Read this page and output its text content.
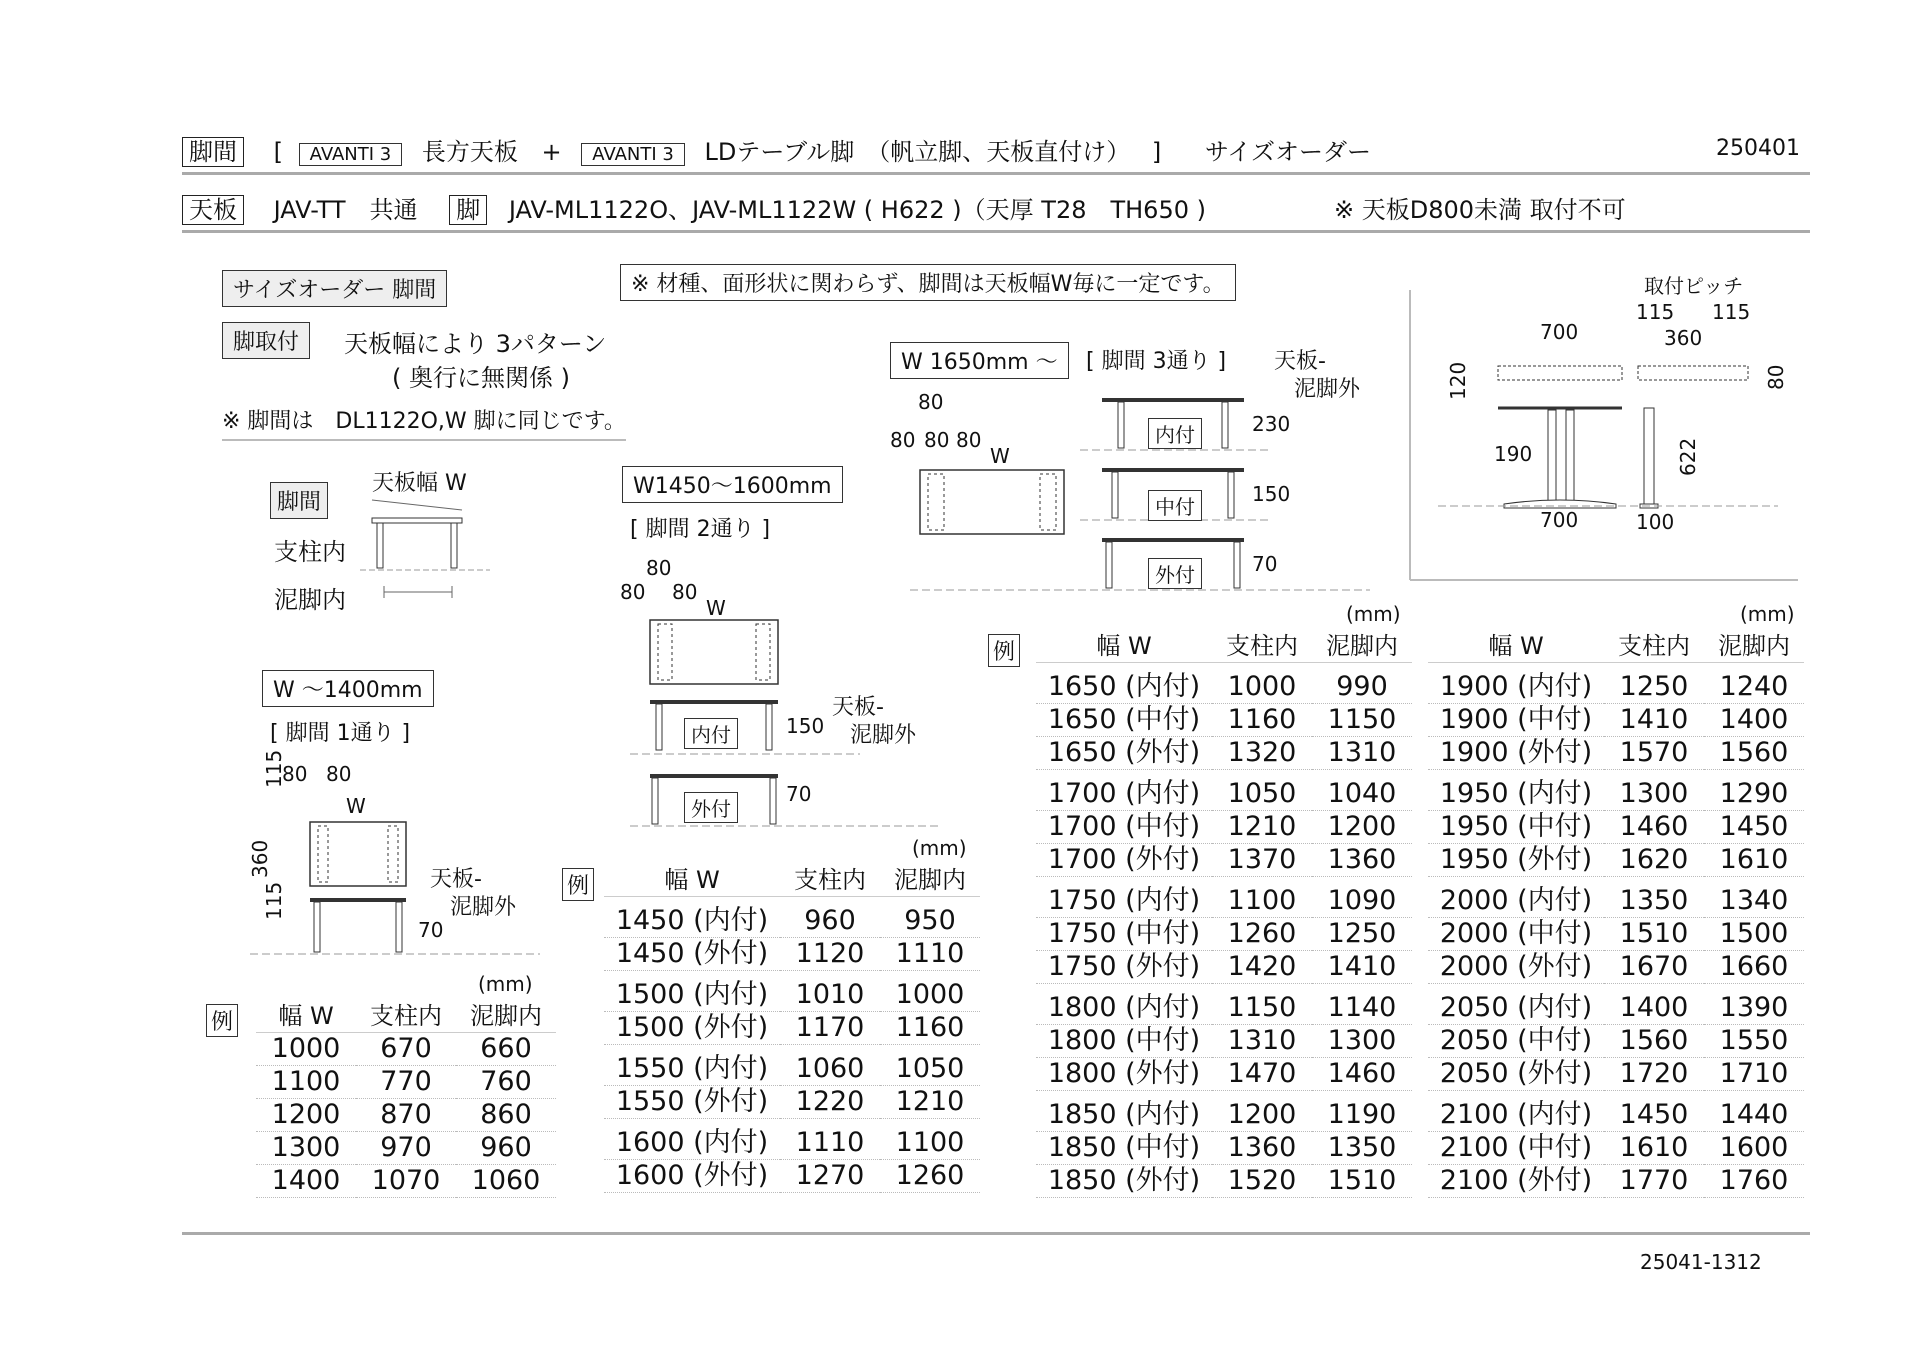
脚間 [ AVANTI 3 長方天板 + AVANTI 3 LDテーブル脚　（帆立脚、天板直付け） ] サイズオーダー	250401
天板 JAV-TT　共通 脚 JAV-ML1122O、JAV-ML1122W ( H622 )（天厚 T28　TH650 )	※ 天板D800未満 取付不可
サイズオーダー 脚間
脚取付	天板幅により 3パターン
( 奥行に無関係 )
※ 脚間は　DL1122O,W 脚に同じです。
脚間
天板幅 W
支柱内
泥脚内
※ 材種、面形状に関わらず、脚間は天板幅W毎に一定です。
W ～1400mm
[ 脚間 1通り ]
80 80
W
115
360
115
天板-
泥脚外
70
W1450～1600mm
[ 脚間 2通り ]
80
80 80
W
天板-
泥脚外
内付	150
外付
70
W 1650mm ～	[ 脚間 3通り ] 天板-
泥脚外
80
80 80 80
W
内付	230
中付
150
外付	70
取付ピッチ
700
115 115
360
120	80
190	622
700	100
(mm)
例 幅 W	支柱内	泥脚内
1000	670	660
1100	770	760
1200	870	860
1300	970	960
1400	1070	1060
(mm)
例	幅 W	支柱内	泥脚内
1450 (内付)	960	950
1450 (外付)	1120	1110
1500 (内付)	1010	1000
1500 (外付)	1170	1160
1550 (内付)	1060	1050
1550 (外付)	1220	1210
1600 (内付)	1110	1100
1600 (外付)	1270	1260
(mm)
例	幅 W	支柱内	泥脚内
1650 (内付)	1000	990
1650 (中付)	1160	1150
1650 (外付)	1320	1310
1700 (内付)	1050	1040
1700 (中付)	1210	1200
1700 (外付)	1370	1360
1750 (内付)	1100	1090
1750 (中付)	1260	1250
1750 (外付)	1420	1410
1800 (内付)	1150	1140
1800 (中付)	1310	1300
1800 (外付)	1470	1460
1850 (内付)	1200	1190
1850 (中付)	1360	1350
1850 (外付)	1520	1510
(mm)
幅 W	支柱内	泥脚内
1900 (内付)	1250	1240
1900 (中付)	1410	1400
1900 (外付)	1570	1560
1950 (内付)	1300	1290
1950 (中付)	1460	1450
1950 (外付)	1620	1610
2000 (内付)	1350	1340
2000 (中付)	1510	1500
2000 (外付)	1670	1660
2050 (内付)	1400	1390
2050 (中付)	1560	1550
2050 (外付)	1720	1710
2100 (内付)	1450	1440
2100 (中付)	1610	1600
2100 (外付)	1770	1760
25041-1312
